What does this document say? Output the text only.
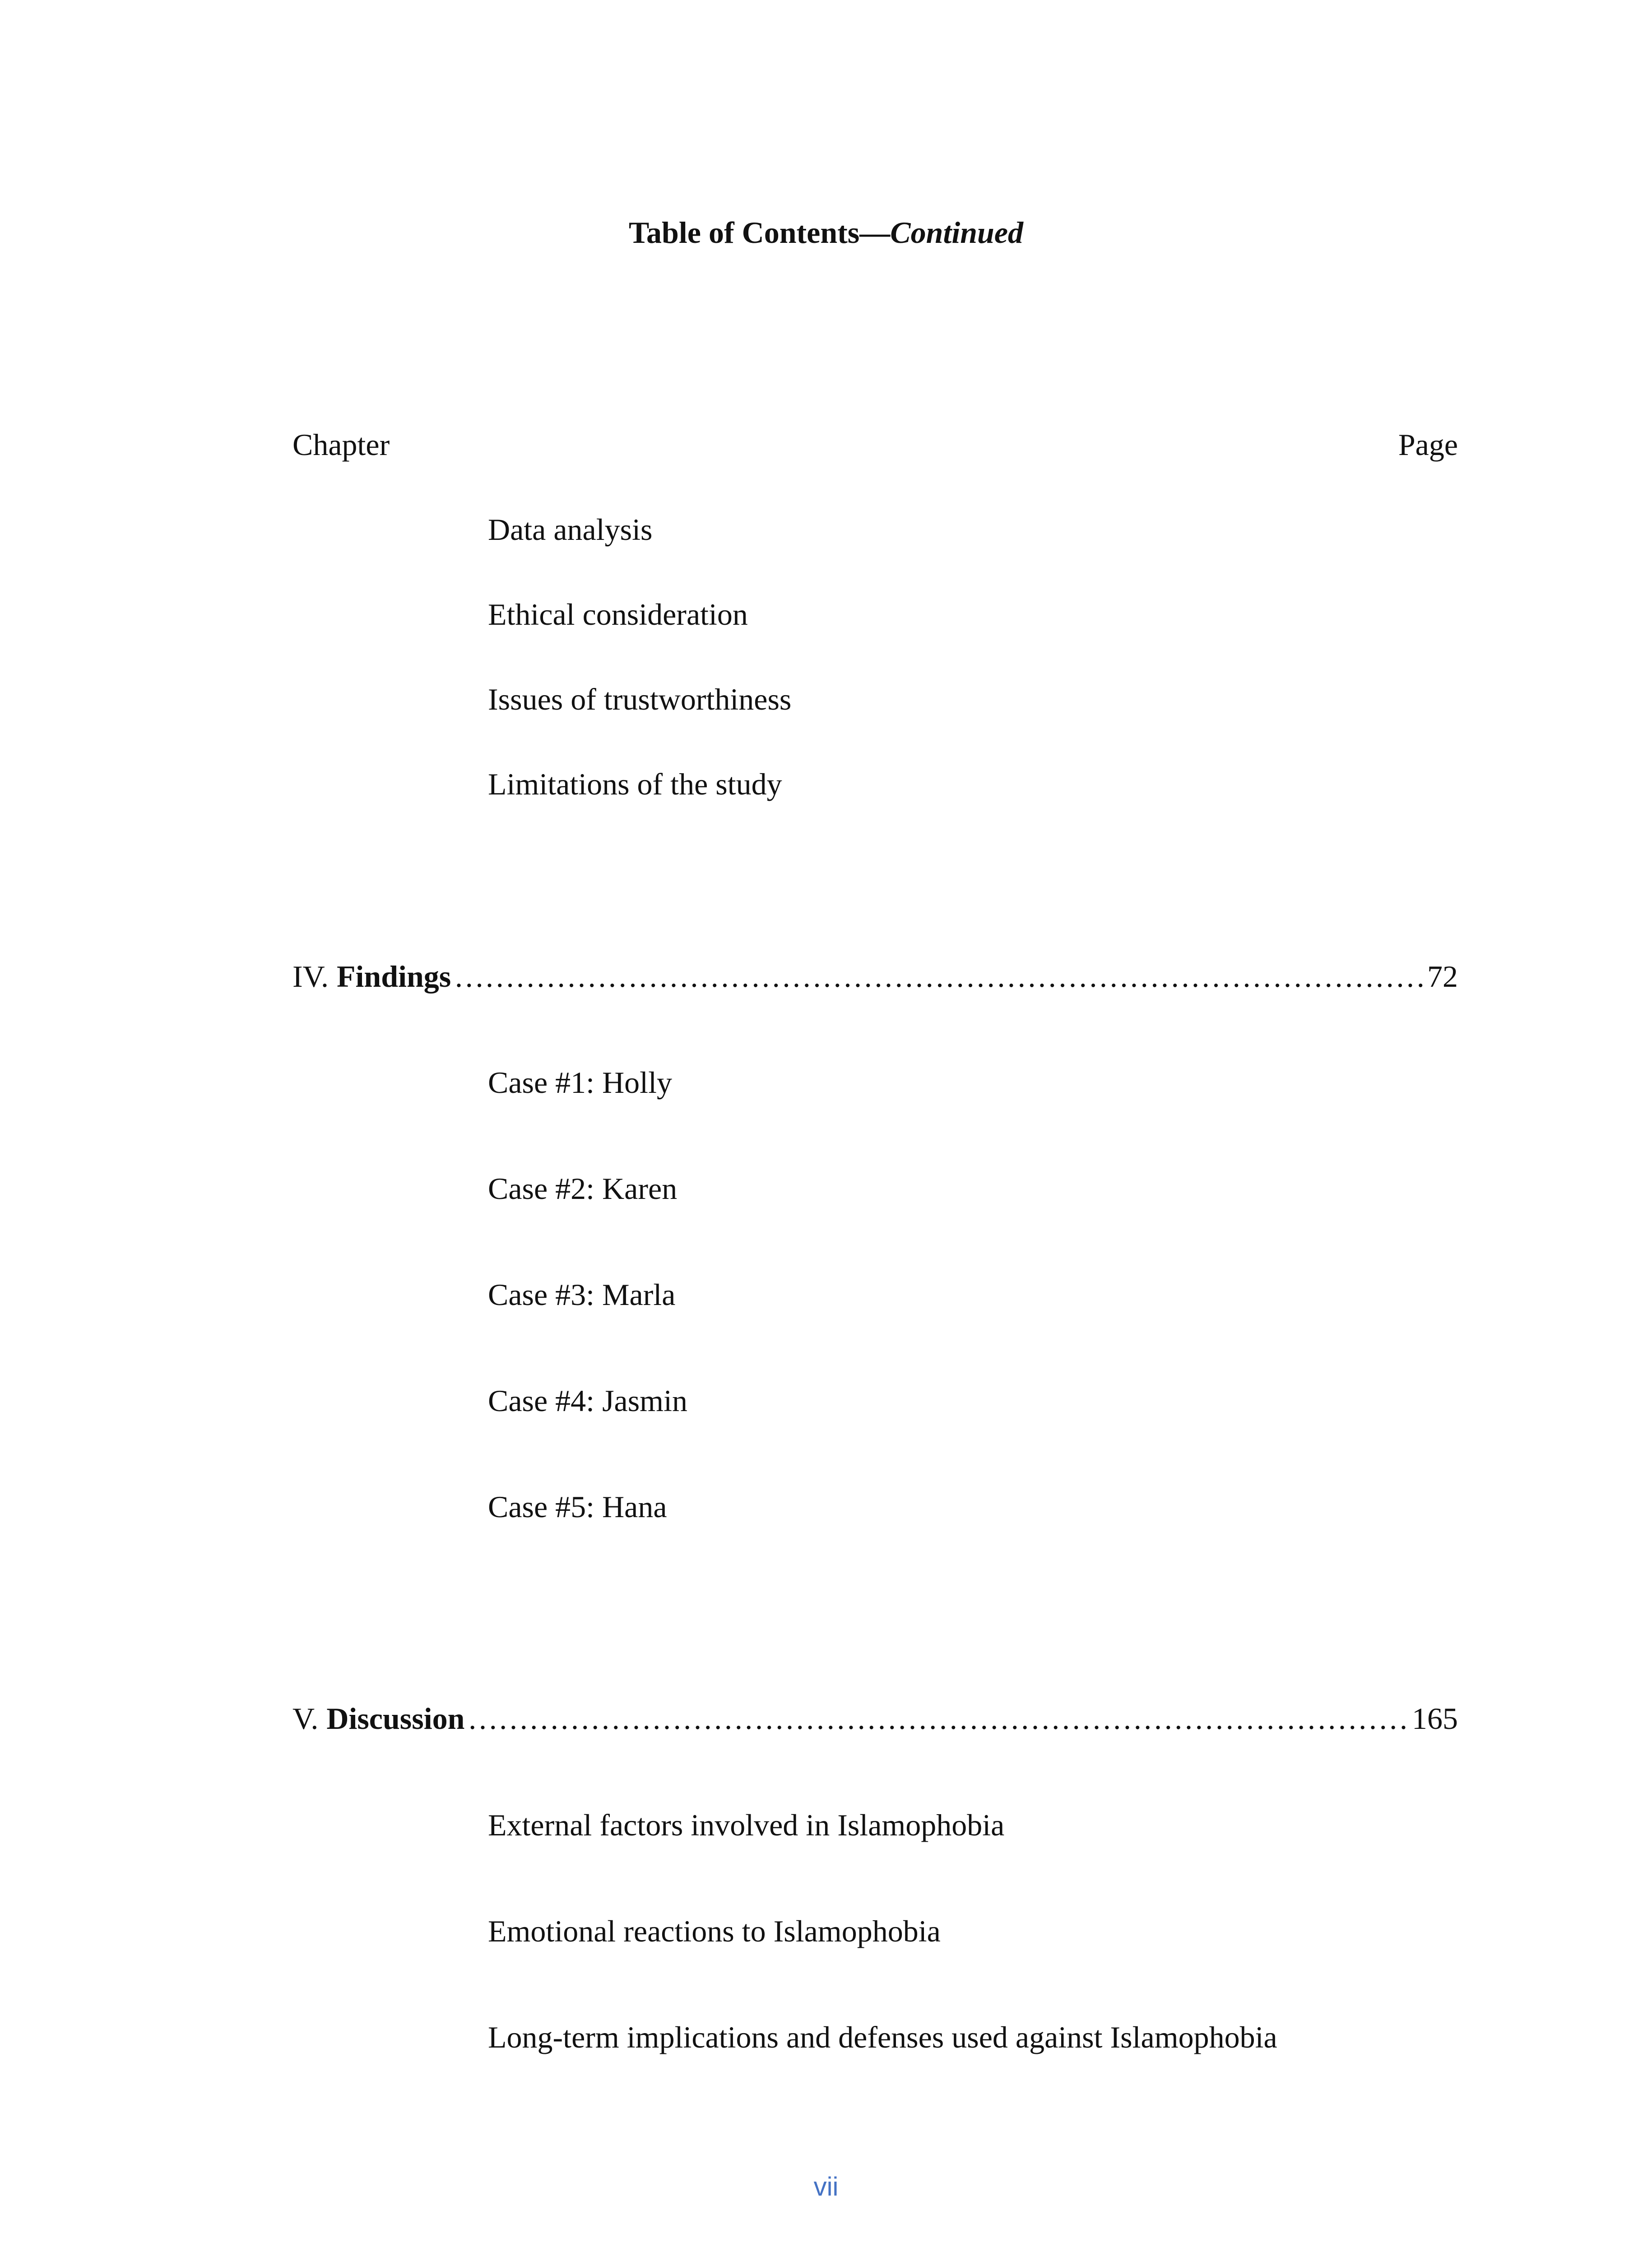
Table of Contents—Continued
Chapter	Page
Data analysis
Ethical consideration
Issues of trustworthiness
Limitations of the study
IV. Findings ………………………………………………………………………………………………………………………………………………………………………………………………	72
Case #1: Holly
Case #2: Karen
Case #3: Marla
Case #4: Jasmin
Case #5: Hana
V. Discussion ………………………………………………………………………………………………………………………………………………………………………………………………	165
External factors involved in Islamophobia
Emotional reactions to Islamophobia
Long-term implications and defenses used against Islamophobia
vii
